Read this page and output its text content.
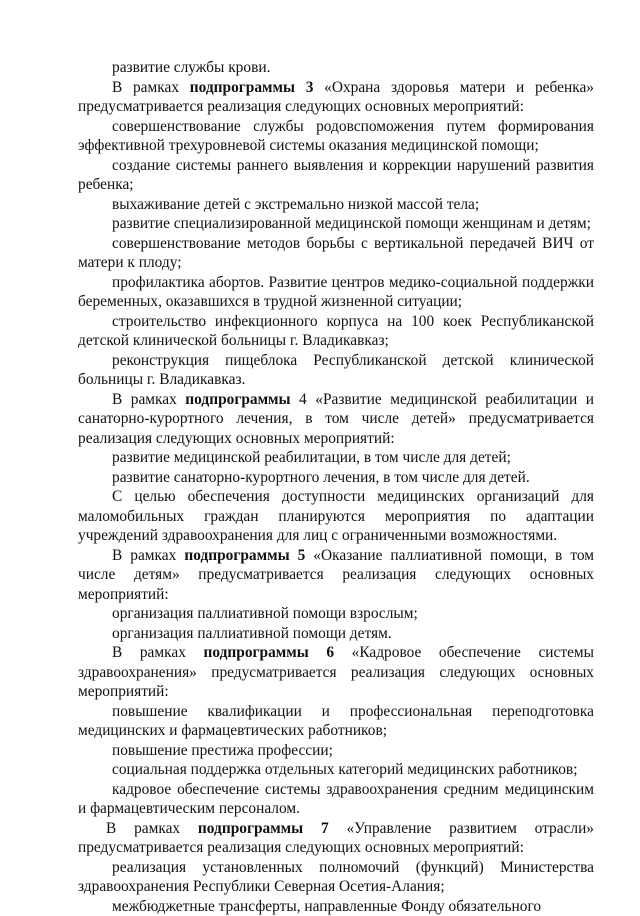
развитие службы крови.

В рамках подпрограммы 3 «Охрана здоровья матери и ребенка» предусматривается реализация следующих основных мероприятий:

совершенствование службы родовспоможения путем формирования эффективной трехуровневой системы оказания медицинской помощи;

создание системы раннего выявления и коррекции нарушений развития ребенка;

выхаживание детей с экстремально низкой массой тела;

развитие специализированной медицинской помощи женщинам и детям;

совершенствование методов борьбы с вертикальной передачей ВИЧ от матери к плоду;

профилактика абортов. Развитие центров медико-социальной поддержки беременных, оказавшихся в трудной жизненной ситуации;

строительство инфекционного корпуса на 100 коек Республиканской детской клинической больницы г. Владикавказ;

реконструкция пищеблока Республиканской детской клинической больницы г. Владикавказ.

В рамках подпрограммы 4 «Развитие медицинской реабилитации и санаторно-курортного лечения, в том числе детей» предусматривается реализация следующих основных мероприятий:

развитие медицинской реабилитации, в том числе для детей;

развитие санаторно-курортного лечения, в том числе для детей.

С целью обеспечения доступности медицинских организаций для маломобильных граждан планируются мероприятия по адаптации учреждений здравоохранения для лиц с ограниченными возможностями.

В рамках подпрограммы 5 «Оказание паллиативной помощи, в том числе детям» предусматривается реализация следующих основных мероприятий:

организация паллиативной помощи взрослым;

организация паллиативной помощи детям.

В рамках подпрограммы 6 «Кадровое обеспечение системы здравоохранения» предусматривается реализация следующих основных мероприятий:

повышение квалификации и профессиональная переподготовка медицинских и фармацевтических работников;

повышение престижа профессии;

социальная поддержка отдельных категорий медицинских работников;

кадровое обеспечение системы здравоохранения средним медицинским и фармацевтическим персоналом.

В рамках подпрограммы 7 «Управление развитием отрасли» предусматривается реализация следующих основных мероприятий:

реализация установленных полномочий (функций) Министерства здравоохранения Республики Северная Осетия-Алания;

межбюджетные трансферты, направленные Фонду обязательного
